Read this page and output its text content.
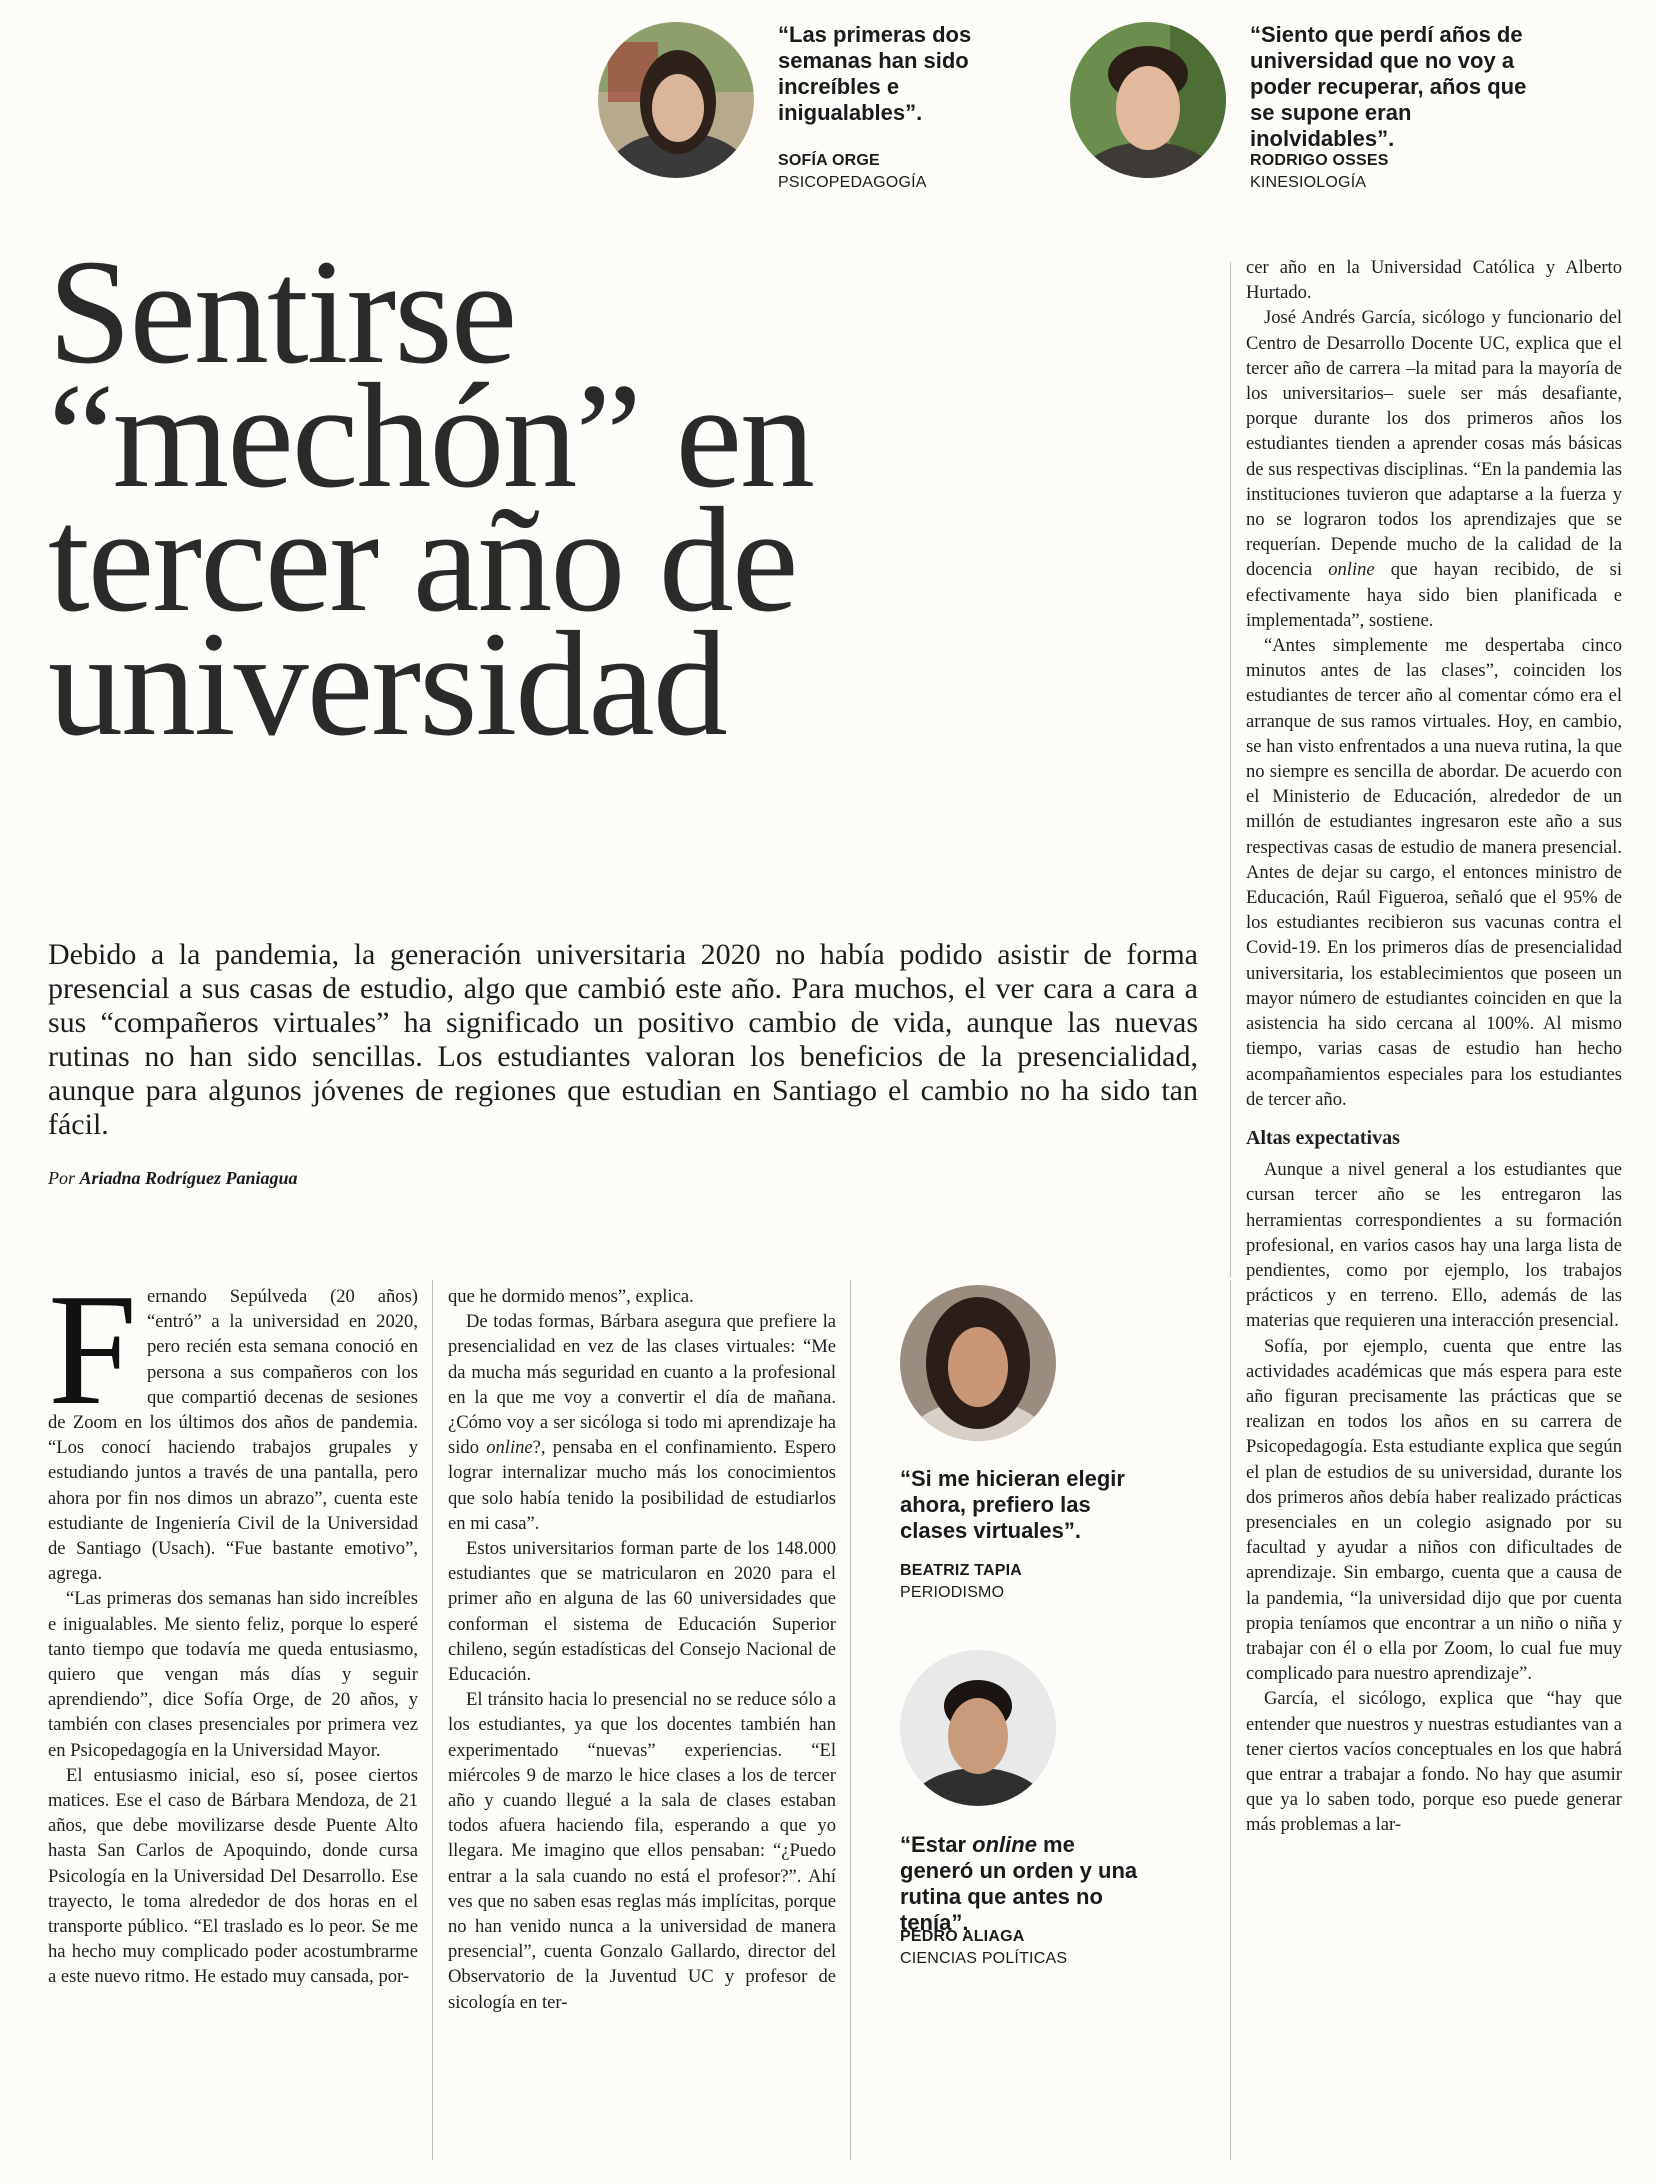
“Las primeras dos semanas han sido increíbles e inigualables”.
SOFÍA ORGE
PSICOPEDAGOGÍA
“Siento que perdí años de universidad que no voy a poder recuperar, años que se supone eran inolvidables”.
RODRIGO OSSES
KINESIOLOGÍA
Sentirse
“mechón” en
tercer año de
universidad
Debido a la pandemia, la generación universitaria 2020 no había podido asistir de forma presencial a sus casas de estudio, algo que cambió este año. Para muchos, el ver cara a cara a sus “compañeros virtuales” ha significado un positivo cambio de vida, aunque las nuevas rutinas no han sido sencillas. Los estudiantes valoran los beneficios de la presencialidad, aunque para algunos jóvenes de regiones que estudian en Santiago el cambio no ha sido tan fácil.
Por Ariadna Rodríguez Paniagua

Fernando Sepúlveda (20 años) “entró” a la universidad en 2020, pero recién esta semana conoció en persona a sus compañeros con los que compartió decenas de sesiones de Zoom en los últimos dos años de pandemia. “Los conocí haciendo trabajos grupales y estudiando juntos a través de una pantalla, pero ahora por fin nos dimos un abrazo”, cuenta este estudiante de Ingeniería Civil de la Universidad de Santiago (Usach). “Fue bastante emotivo”, agrega.

“Las primeras dos semanas han sido increíbles e inigualables. Me siento feliz, porque lo esperé tanto tiempo que todavía me queda entusiasmo, quiero que vengan más días y seguir aprendiendo”, dice Sofía Orge, de 20 años, y también con clases presenciales por primera vez en Psicopedagogía en la Universidad Mayor.

El entusiasmo inicial, eso sí, posee ciertos matices. Ese el caso de Bárbara Mendoza, de 21 años, que debe movilizarse desde Puente Alto hasta San Carlos de Apoquindo, donde cursa Psicología en la Universidad Del Desarrollo. Ese trayecto, le toma alrededor de dos horas en el transporte público. “El traslado es lo peor. Se me ha hecho muy complicado poder acostumbrarme a este nuevo ritmo. He estado muy cansada, por-

que he dormido menos”, explica.

De todas formas, Bárbara asegura que prefiere la presencialidad en vez de las clases virtuales: “Me da mucha más seguridad en cuanto a la profesional en la que me voy a convertir el día de mañana. ¿Cómo voy a ser sicóloga si todo mi aprendizaje ha sido online?, pensaba en el confinamiento. Espero lograr internalizar mucho más los conocimientos que solo había tenido la posibilidad de estudiarlos en mi casa”.

Estos universitarios forman parte de los 148.000 estudiantes que se matricularon en 2020 para el primer año en alguna de las 60 universidades que conforman el sistema de Educación Superior chileno, según estadísticas del Consejo Nacional de Educación.

El tránsito hacia lo presencial no se reduce sólo a los estudiantes, ya que los docentes también han experimentado “nuevas” experiencias. “El miércoles 9 de marzo le hice clases a los de tercer año y cuando llegué a la sala de clases estaban todos afuera haciendo fila, esperando a que yo llegara. Me imagino que ellos pensaban: “¿Puedo entrar a la sala cuando no está el profesor?”. Ahí ves que no saben esas reglas más implícitas, porque no han venido nunca a la universidad de manera presencial”, cuenta Gonzalo Gallardo, director del Observatorio de la Juventud UC y profesor de sicología en ter-

“Si me hicieran elegir ahora, prefiero las clases virtuales”.
BEATRIZ TAPIA
PERIODISMO
“Estar online me generó un orden y una rutina que antes no tenía”.
PEDRO ALIAGA
CIENCIAS POLÍTICAS

cer año en la Universidad Católica y Alberto Hurtado.

José Andrés García, sicólogo y funcionario del Centro de Desarrollo Docente UC, explica que el tercer año de carrera –la mitad para la mayoría de los universitarios– suele ser más desafiante, porque durante los dos primeros años los estudiantes tienden a aprender cosas más básicas de sus respectivas disciplinas. “En la pandemia las instituciones tuvieron que adaptarse a la fuerza y no se lograron todos los aprendizajes que se requerían. Depende mucho de la calidad de la docencia online que hayan recibido, de si efectivamente haya sido bien planificada e implementada”, sostiene.

“Antes simplemente me despertaba cinco minutos antes de las clases”, coinciden los estudiantes de tercer año al comentar cómo era el arranque de sus ramos virtuales. Hoy, en cambio, se han visto enfrentados a una nueva rutina, la que no siempre es sencilla de abordar. De acuerdo con el Ministerio de Educación, alrededor de un millón de estudiantes ingresaron este año a sus respectivas casas de estudio de manera presencial. Antes de dejar su cargo, el entonces ministro de Educación, Raúl Figueroa, señaló que el 95% de los estudiantes recibieron sus vacunas contra el Covid-19. En los primeros días de presencialidad universitaria, los establecimientos que poseen un mayor número de estudiantes coinciden en que la asistencia ha sido cercana al 100%. Al mismo tiempo, varias casas de estudio han hecho acompañamientos especiales para los estudiantes de tercer año.

Altas expectativas

Aunque a nivel general a los estudiantes que cursan tercer año se les entregaron las herramientas correspondientes a su formación profesional, en varios casos hay una larga lista de pendientes, como por ejemplo, los trabajos prácticos y en terreno. Ello, además de las materias que requieren una interacción presencial.

Sofía, por ejemplo, cuenta que entre las actividades académicas que más espera para este año figuran precisamente las prácticas que se realizan en todos los años en su carrera de Psicopedagogía. Esta estudiante explica que según el plan de estudios de su universidad, durante los dos primeros años debía haber realizado prácticas presenciales en un colegio asignado por su facultad y ayudar a niños con dificultades de aprendizaje. Sin embargo, cuenta que a causa de la pandemia, “la universidad dijo que por cuenta propia teníamos que encontrar a un niño o niña y trabajar con él o ella por Zoom, lo cual fue muy complicado para nuestro aprendizaje”.

García, el sicólogo, explica que “hay que entender que nuestros y nuestras estudiantes van a tener ciertos vacíos conceptuales en los que habrá que entrar a trabajar a fondo. No hay que asumir que ya lo saben todo, porque eso puede generar más problemas a lar-
